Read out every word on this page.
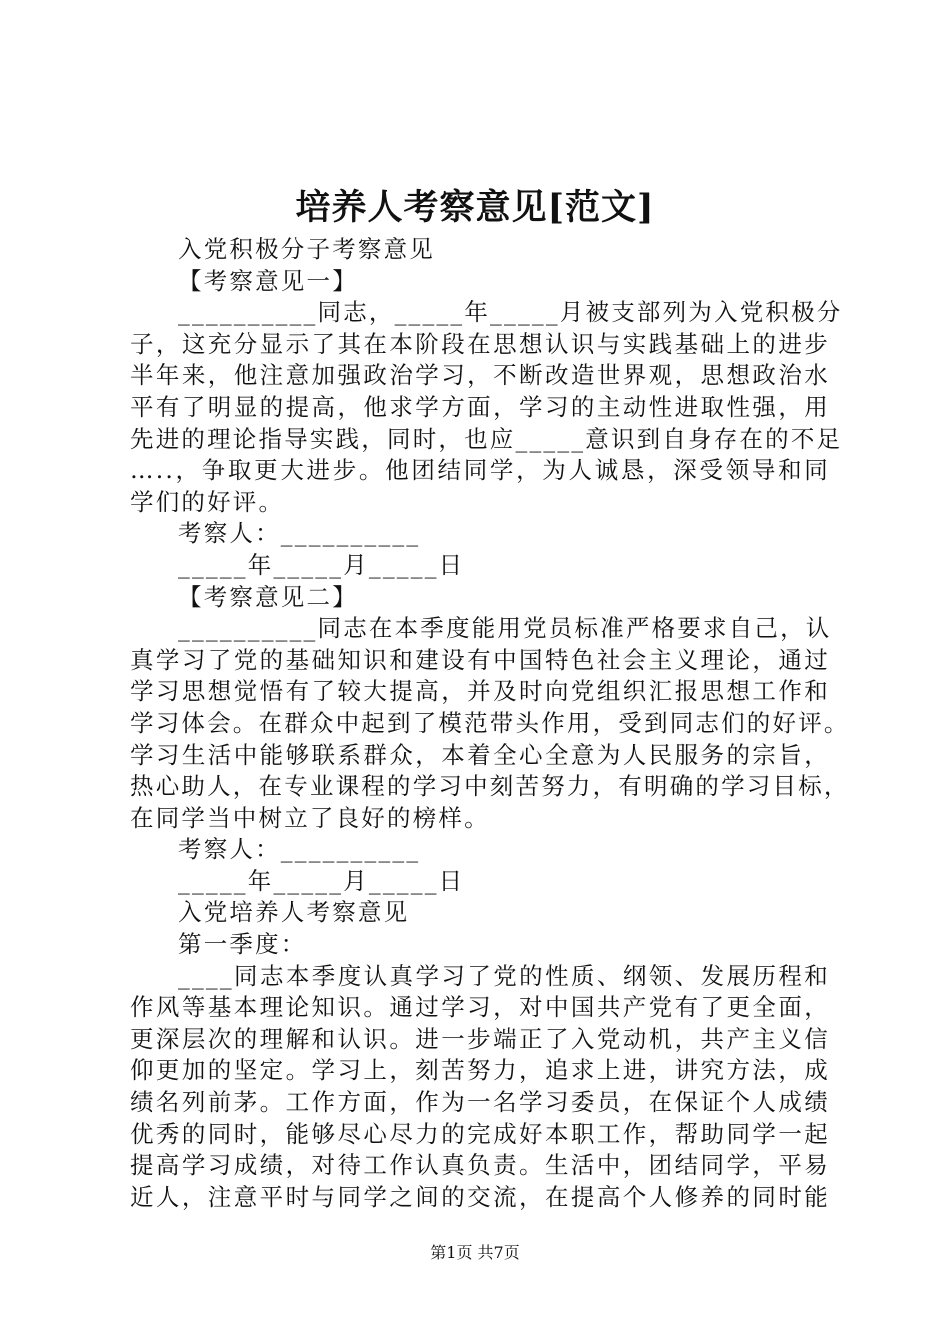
培养人考察意见[范文]
入党积极分子考察意见
【考察意见一】
__________同志，_____年_____月被支部列为入党积极分
子，这充分显示了其在本阶段在思想认识与实践基础上的进步
半年来，他注意加强政治学习，不断改造世界观，思想政治水
平有了明显的提高，他求学方面，学习的主动性进取性强，用
先进的理论指导实践，同时，也应_____意识到自身存在的不足
…..，争取更大进步。他团结同学，为人诚恳，深受领导和同
学们的好评。
考察人：__________
_____年_____月_____日
【考察意见二】
__________同志在本季度能用党员标准严格要求自己，认
真学习了党的基础知识和建设有中国特色社会主义理论，通过
学习思想觉悟有了较大提高，并及时向党组织汇报思想工作和
学习体会。在群众中起到了模范带头作用，受到同志们的好评。
学习生活中能够联系群众，本着全心全意为人民服务的宗旨，
热心助人，在专业课程的学习中刻苦努力，有明确的学习目标，
在同学当中树立了良好的榜样。
考察人：__________
_____年_____月_____日
入党培养人考察意见
第一季度：
____同志本季度认真学习了党的性质、纲领、发展历程和
作风等基本理论知识。通过学习，对中国共产党有了更全面，
更深层次的理解和认识。进一步端正了入党动机，共产主义信
仰更加的坚定。学习上，刻苦努力，追求上进，讲究方法，成
绩名列前茅。工作方面，作为一名学习委员，在保证个人成绩
优秀的同时，能够尽心尽力的完成好本职工作，帮助同学一起
提高学习成绩，对待工作认真负责。生活中，团结同学，平易
近人，注意平时与同学之间的交流，在提高个人修养的同时能
第1页 共7页
